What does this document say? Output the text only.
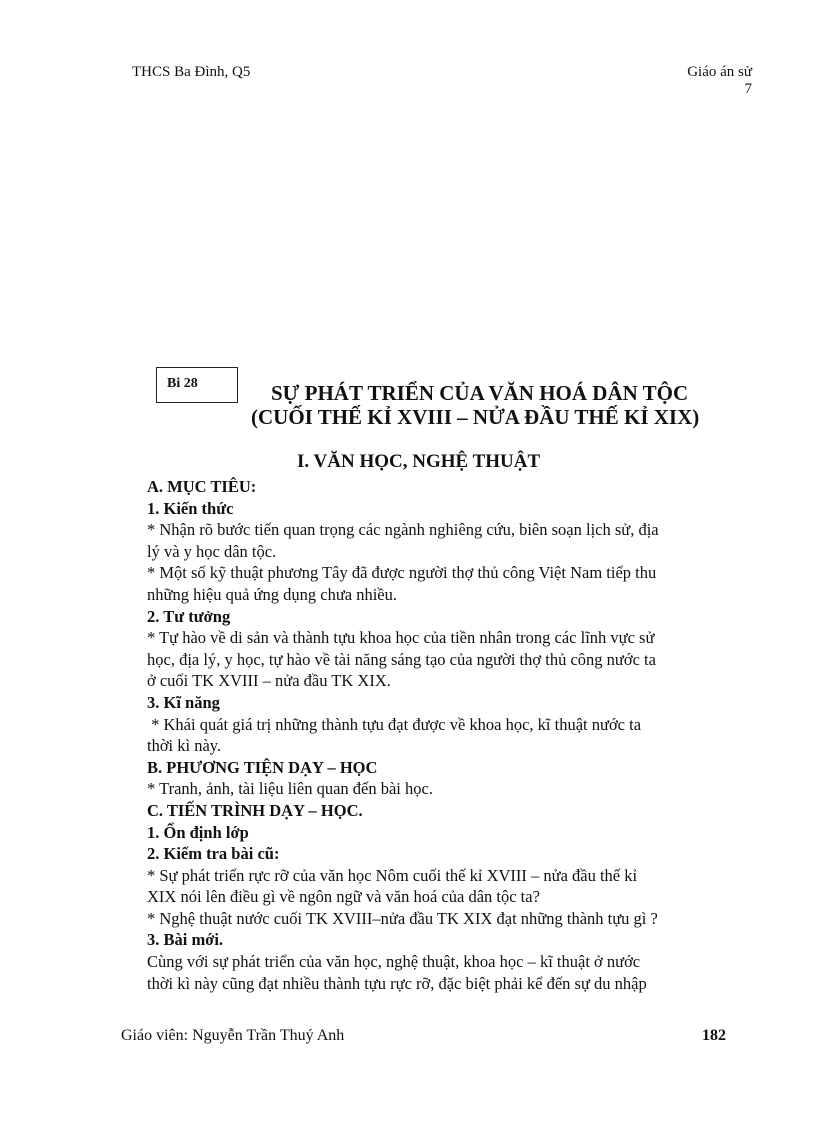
THCS Ba Đình, Q5	Giáo án sử
7
Bi 28	SỰ PHÁT TRIỂN CỦA VĂN HOÁ DÂN TỘC
(CUỐI THẾ KỈ XVIII – NỬA ĐẦU THẾ KỈ XIX)
I. VĂN HỌC, NGHỆ THUẬT

A. MỤC TIÊU:

1. Kiến thức

* Nhận rõ bước tiến quan trọng các ngành nghiêng cứu, biên soạn lịch sử, địa

lý và y học dân tộc.

* Một số kỹ thuật phương Tây đã được người thợ thủ công Việt Nam tiếp thu

những hiệu quả ứng dụng chưa nhiều.

2. Tư tưởng

* Tự hào về di sản và thành tựu khoa học của tiền nhân trong các lĩnh vực sử

học, địa lý, y học, tự hào về tài năng sáng tạo của người thợ thủ công nước ta

ở cuối TK XVIII – nửa đầu TK XIX.

3. Kĩ năng

* Khái quát giá trị những thành tựu đạt được về khoa học, kĩ thuật nước ta

thời kì này.

B. PHƯƠNG TIỆN DẠY – HỌC

* Tranh, ảnh, tài liệu liên quan đến bài học.

C. TIẾN TRÌNH DẠY – HỌC.

1. Ổn định lớp

2. Kiểm tra bài cũ:

* Sự phát triển rực rỡ của văn học Nôm cuối thế kỉ XVIII – nửa đầu thế kỉ

XIX nói lên điều gì về ngôn ngữ và văn hoá của dân tộc ta?

* Nghệ thuật nước cuối TK XVIII–nửa đầu TK XIX đạt những thành tựu gì ?

3. Bài mới.

Cùng với sự phát triển của văn học, nghệ thuật, khoa học – kĩ thuật ở nước

thời kì này cũng đạt nhiều thành tựu rực rỡ, đặc biệt phải kể đến sự du nhập

Giáo viên: Nguyễn Trần Thuý Anh	182
